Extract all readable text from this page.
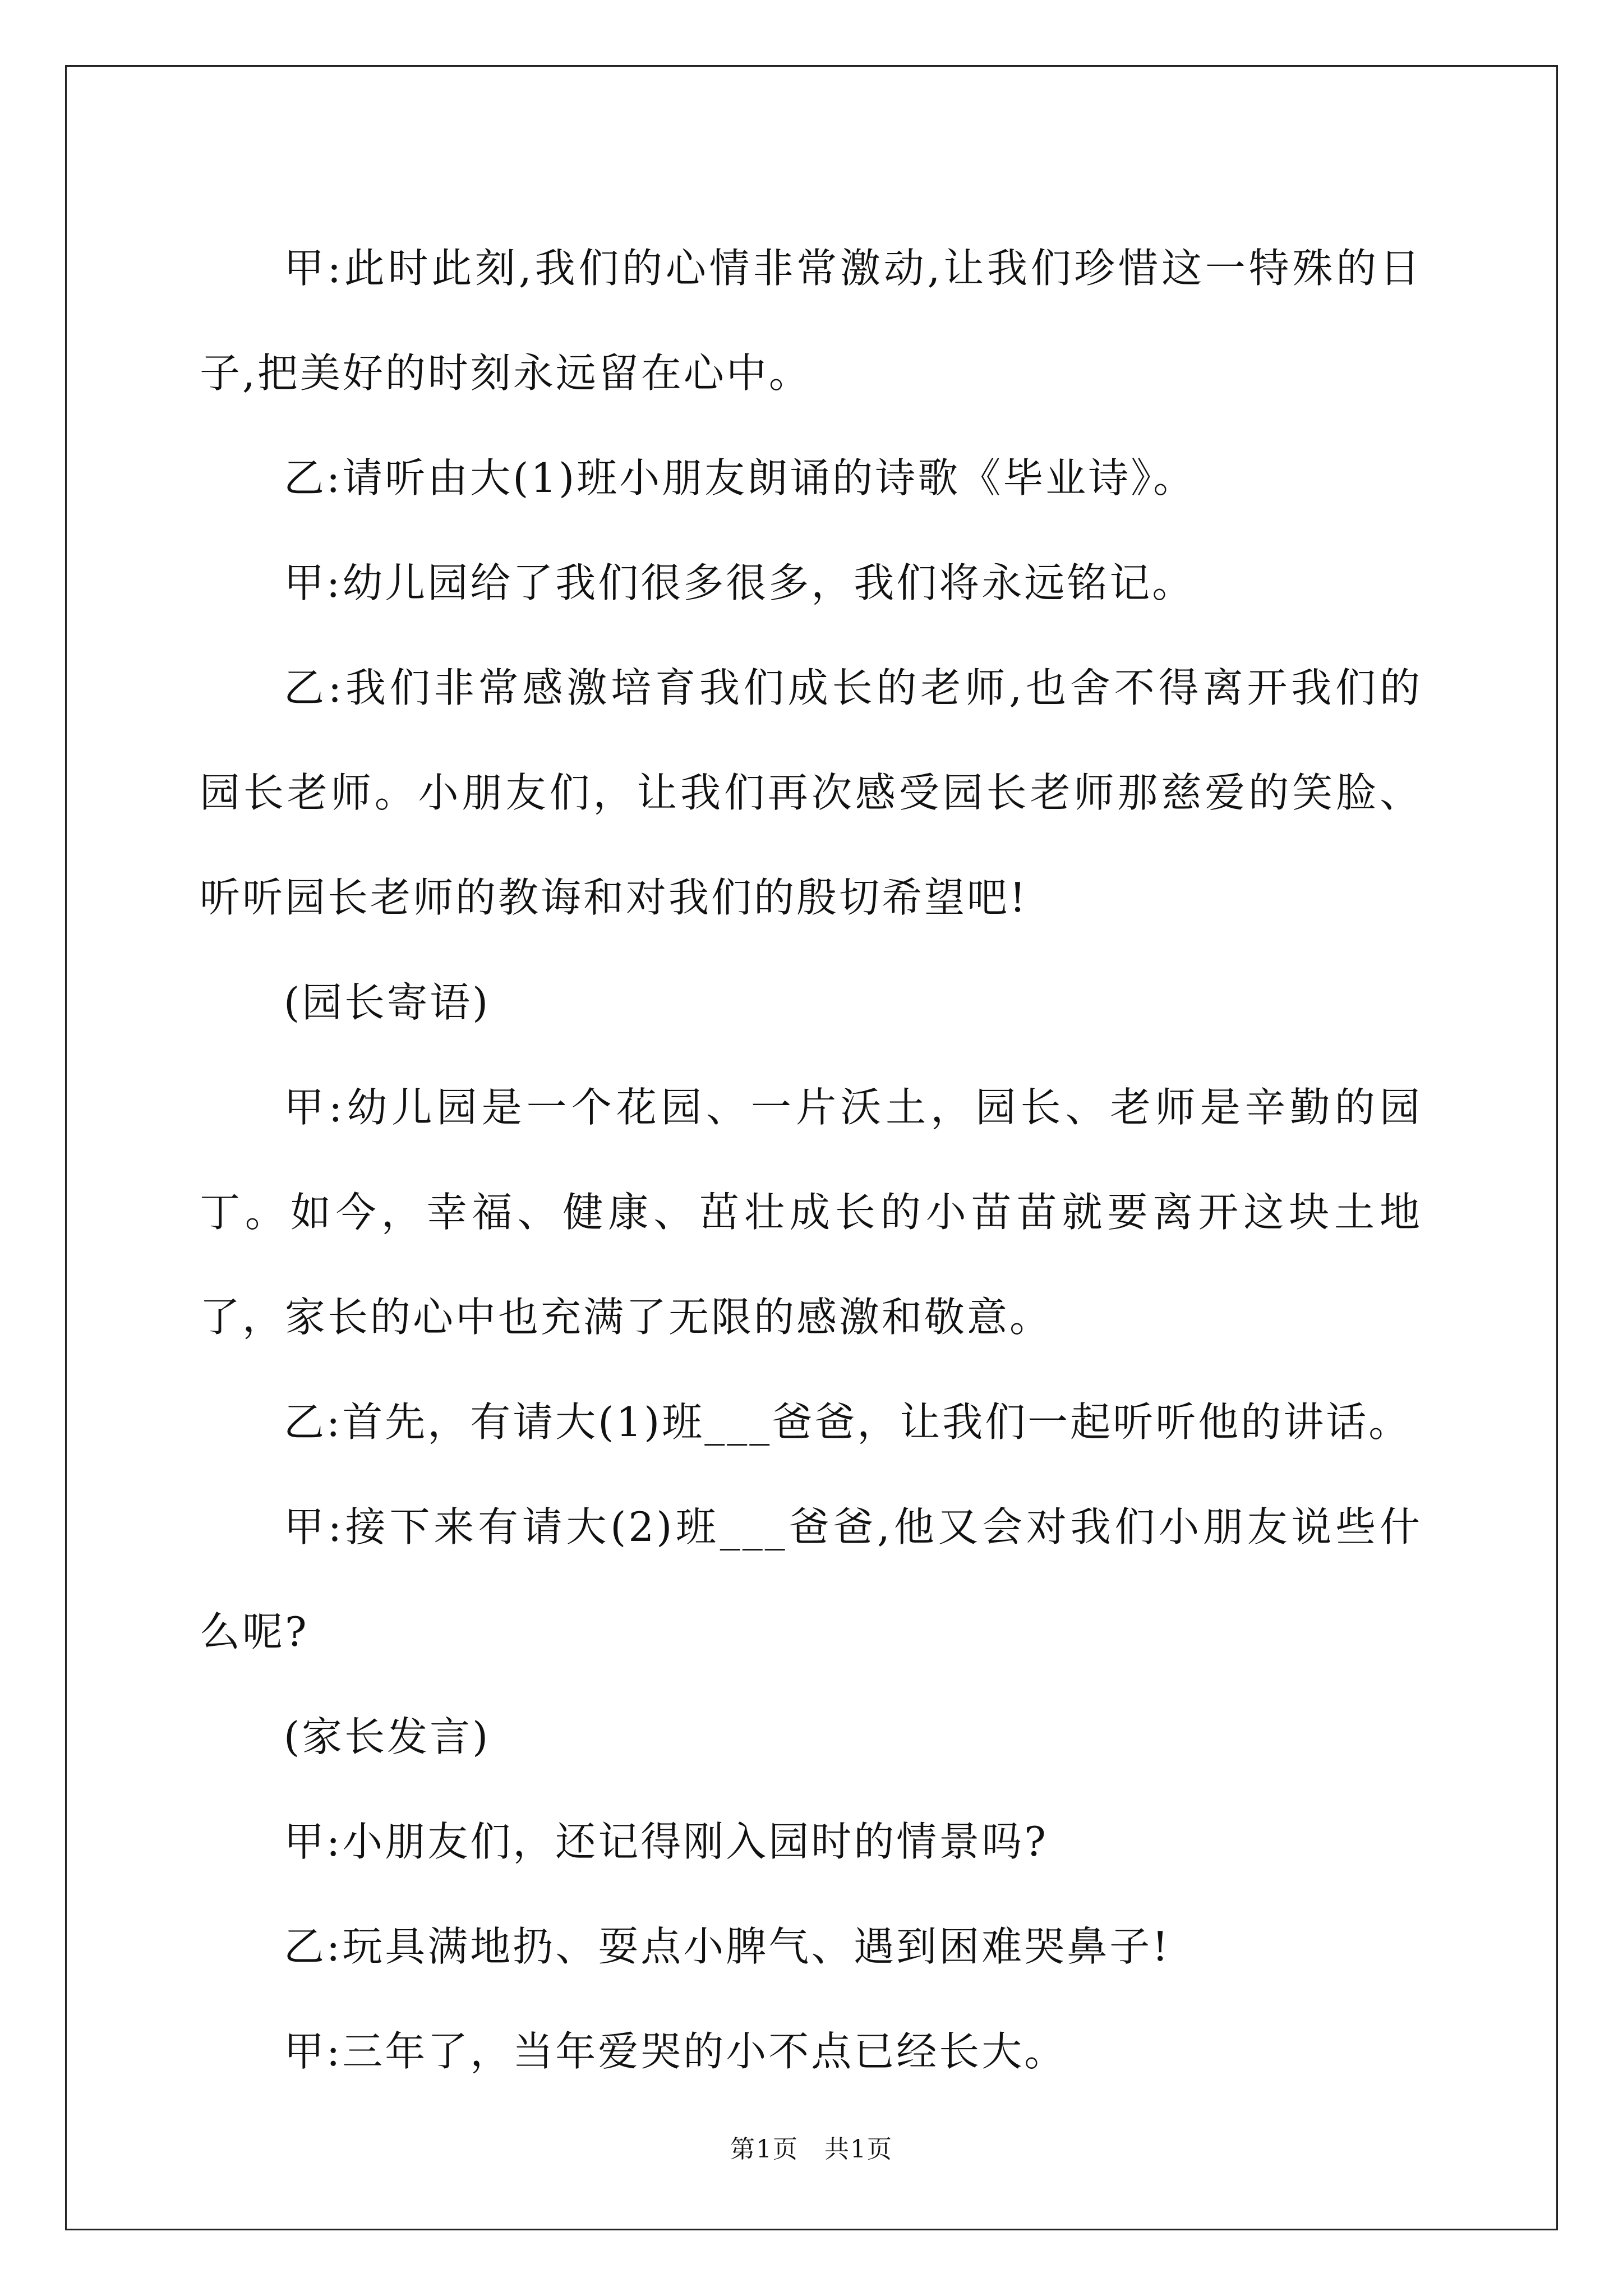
甲:此时此刻,我们的心情非常激动,让我们珍惜这一特殊的日子,把美好的时刻永远留在心中。

乙:请听由大(1)班小朋友朗诵的诗歌《毕业诗》。

甲:幼儿园给了我们很多很多，我们将永远铭记。

乙:我们非常感激培育我们成长的老师,也舍不得离开我们的园长老师。小朋友们，让我们再次感受园长老师那慈爱的笑脸、听听园长老师的教诲和对我们的殷切希望吧!

(园长寄语)

甲:幼儿园是一个花园、一片沃土，园长、老师是辛勤的园丁。如今，幸福、健康、茁壮成长的小苗苗就要离开这块土地了，家长的心中也充满了无限的感激和敬意。

乙:首先，有请大(1)班___爸爸，让我们一起听听他的讲话。

甲:接下来有请大(2)班___爸爸,他又会对我们小朋友说些什么呢?

(家长发言)

甲:小朋友们，还记得刚入园时的情景吗?

乙:玩具满地扔、耍点小脾气、遇到困难哭鼻子!

甲:三年了，当年爱哭的小不点已经长大。

第1页　共1页
